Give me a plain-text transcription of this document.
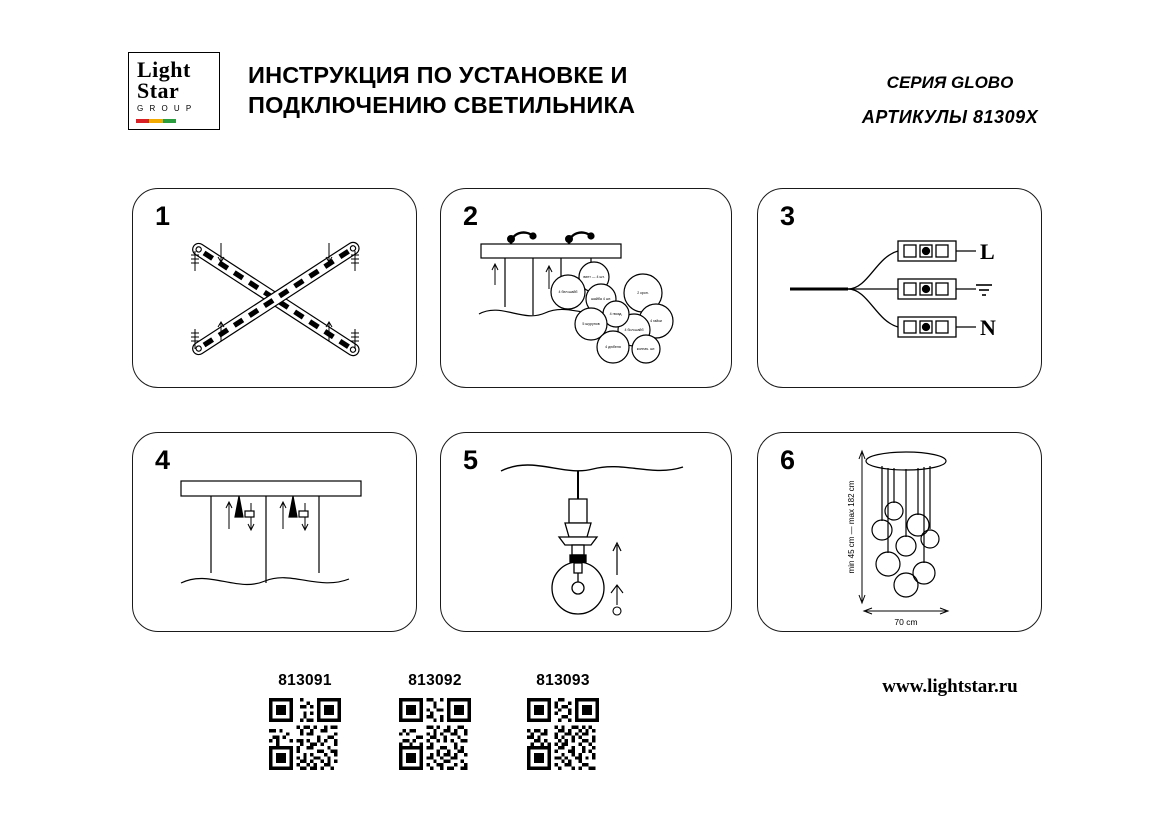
Light
Star
G R O U P
ИНСТРУКЦИЯ ПО УСТАНОВКЕ И ПОДКЛЮЧЕНИЮ СВЕТИЛЬНИКА
СЕРИЯ GLOBO
АРТИКУЛЫ 81309X
1	2
винт — 4 шт.
4 бел.шайб
шайба 4 шт.
2 крон.
4 гайки
4 бол.шайб
4 гвозд.
5 шурупов
4 дюбеля	колпач. шт.
3
L
N
4	5	6
min 45 cm — max 182 cm
70 cm
813091	813092	813093	www.lightstar.ru
